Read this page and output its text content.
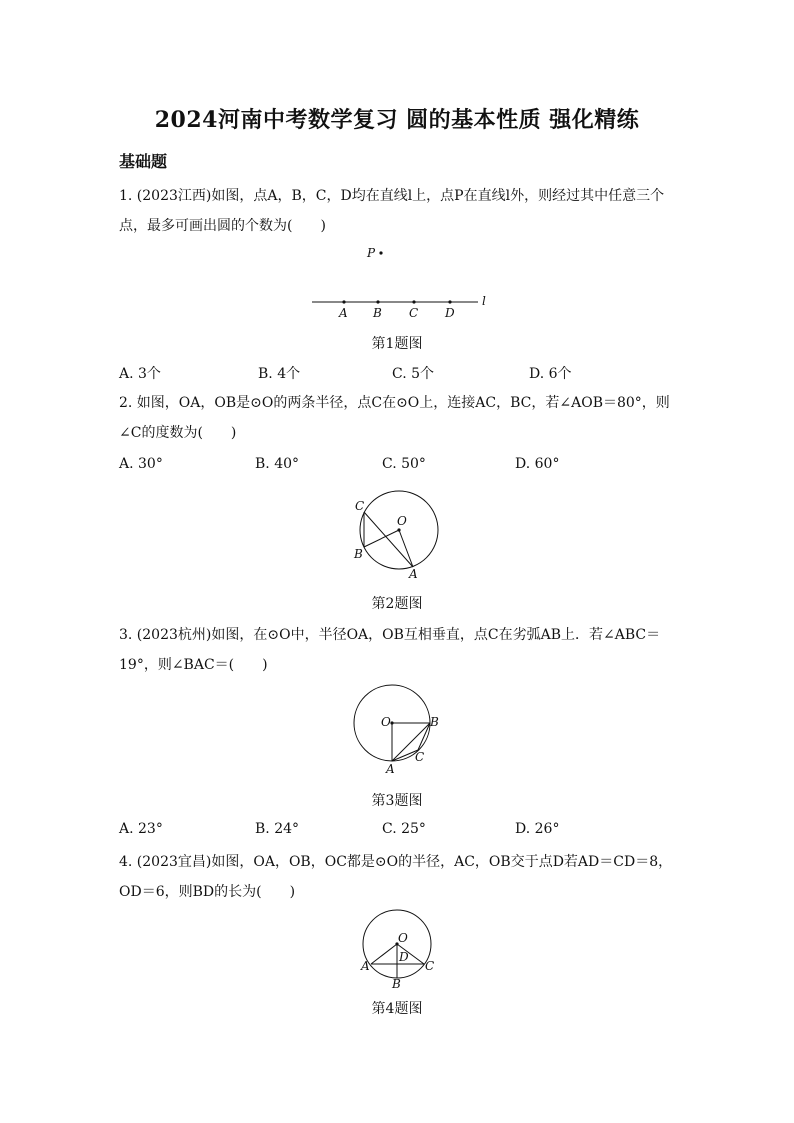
2024河南中考数学复习 圆的基本性质 强化精练
基础题
1. (2023江西)如图，点A，B，C，D均在直线l上，点P在直线l外，则经过其中任意三个点，最多可画出圆的个数为(　　)
P
A B C D
l
第1题图
A. 3个	B. 4个	C. 5个	D. 6个
2. 如图，OA，OB是⊙O的两条半径，点C在⊙O上，连接AC，BC，若∠AOB＝80°，则∠C的度数为(　　)
A. 30°	B. 40°	C. 50°	D. 60°
C
O
B
A
第2题图
3. (2023杭州)如图，在⊙O中，半径OA，OB互相垂直，点C在劣弧AB上．若∠ABC＝19°，则∠BAC＝(　　)
O	B
C
A
第3题图
A. 23°	B. 24°	C. 25°	D. 26°
4. (2023宜昌)如图，OA，OB，OC都是⊙O的半径，AC，OB交于点D若AD＝CD＝8，OD＝6，则BD的长为(　　)
O
A
D
C
B
第4题图
